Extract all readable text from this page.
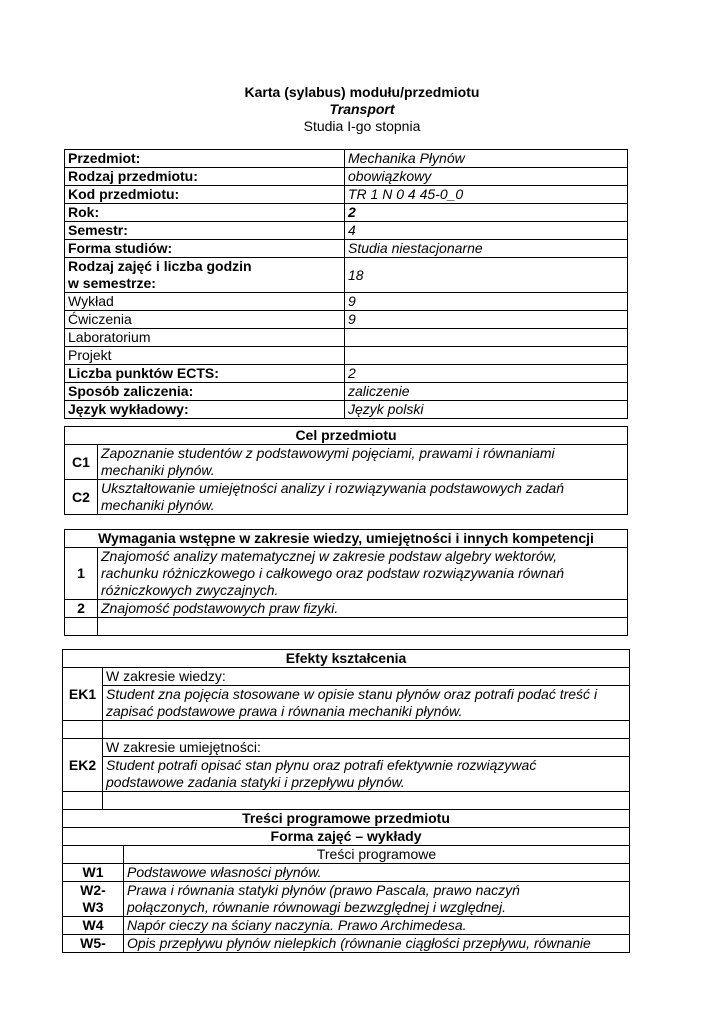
Karta (sylabus) modułu/przedmiotu
Transport
Studia I-go stopnia
Przedmiot:	Mechanika Płynów
Rodzaj przedmiotu:	obowiązkowy
Kod przedmiotu:	TR 1 N 0 4 45-0_0
Rok:	2
Semestr:	4
Forma studiów:	Studia niestacjonarne
Rodzaj zajęć i liczba godzin
w semestrze:	18
Wykład	9
Ćwiczenia	9
Laboratorium	
Projekt	
Liczba punktów ECTS:	2
Sposób zaliczenia:	zaliczenie
Język wykładowy:	Język polski
Cel przedmiotu	
C1	Zapoznanie studentów z podstawowymi pojęciami, prawami i równaniami
mechaniki płynów.
C2	Ukształtowanie umiejętności analizy i rozwiązywania podstawowych zadań
mechaniki płynów.
Wymagania wstępne w zakresie wiedzy, umiejętności i innych kompetencji	
1	Znajomość analizy matematycznej w zakresie podstaw algebry wektorów,
rachunku różniczkowego i całkowego oraz podstaw rozwiązywania równań
różniczkowych zwyczajnych.
2	Znajomość podstawowych praw fizyki.

Efekty kształcenia		
EK1	W zakresie wiedzy:	
	Student zna pojęcia stosowane w opisie stanu płynów oraz potrafi podać treść i
zapisać podstawowe prawa i równania mechaniki płynów.	

EK2	W zakresie umiejętności:	
	Student potrafi opisać stan płynu oraz potrafi efektywnie rozwiązywać
podstawowe zadania statyki i przepływu płynów.	

Treści programowe przedmiotu		
Forma zajęć – wykłady		
		Treści programowe
W1		Podstawowe własności płynów.
W2-
W3		Prawa i równania statyki płynów (prawo Pascala, prawo naczyń
połączonych, równanie równowagi bezwzględnej i względnej.
W4		Napór cieczy na ściany naczynia. Prawo Archimedesa.
W5-		Opis przepływu płynów nielepkich (równanie ciągłości przepływu, równanie
